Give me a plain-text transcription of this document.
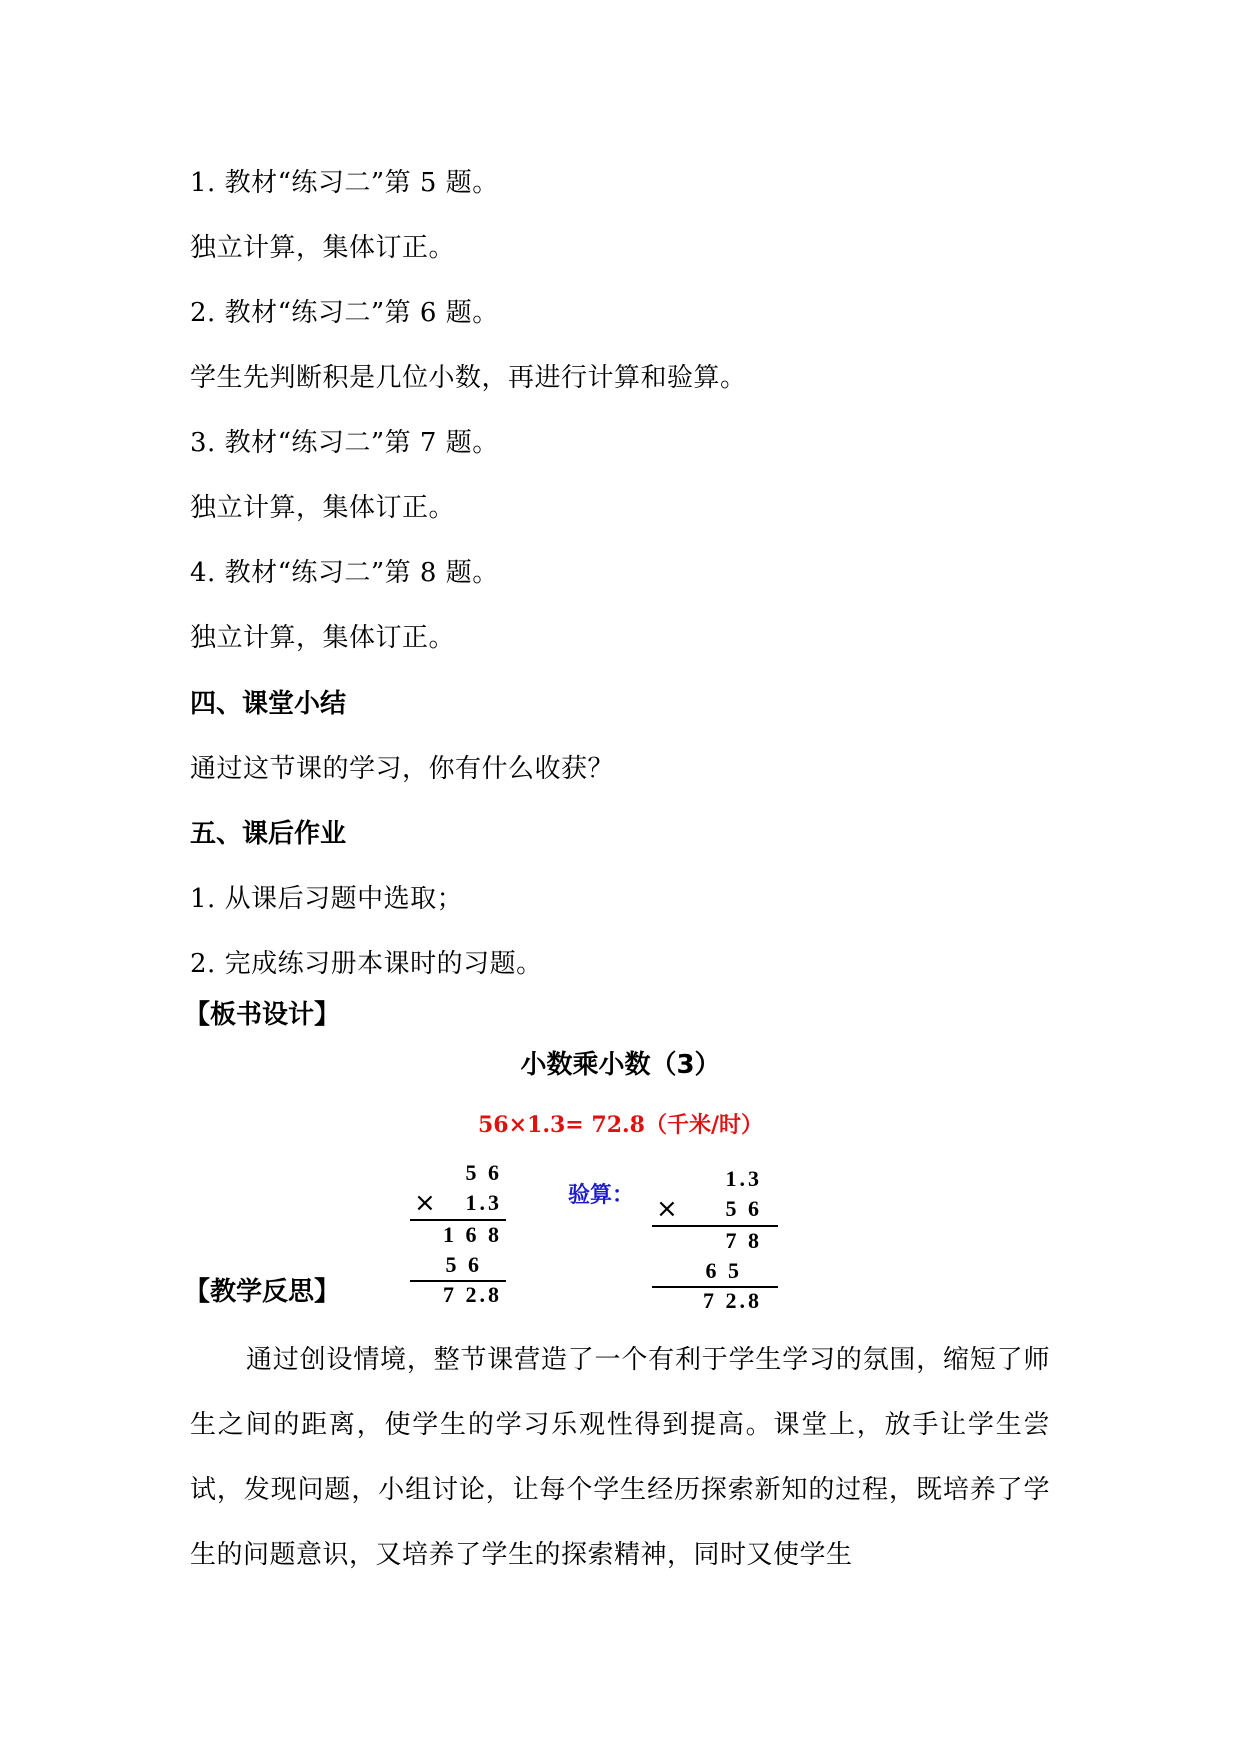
1. 教材“练习二”第 5 题。
独立计算，集体订正。
2. 教材“练习二”第 6 题。
学生先判断积是几位小数，再进行计算和验算。
3. 教材“练习二”第 7 题。
独立计算，集体订正。
4. 教材“练习二”第 8 题。
独立计算，集体订正。
四、课堂小结
通过这节课的学习，你有什么收获？
五、课后作业
1. 从课后习题中选取；
2. 完成练习册本课时的习题。
【板书设计】
小数乘小数（3）
56×1.3= 72.8（千米/时）
5 6
×	1.3
1 6 8
5 6
7 2.8
验算：
1.3
×	5 6
7 8
6 5
7 2.8
【教学反思】
通过创设情境，整节课营造了一个有利于学生学习的氛围，缩短了师生之间的距离，使学生的学习乐观性得到提高。课堂上，放手让学生尝试，发现问题，小组讨论，让每个学生经历探索新知的过程，既培养了学生的问题意识，又培养了学生的探索精神，同时又使学生
